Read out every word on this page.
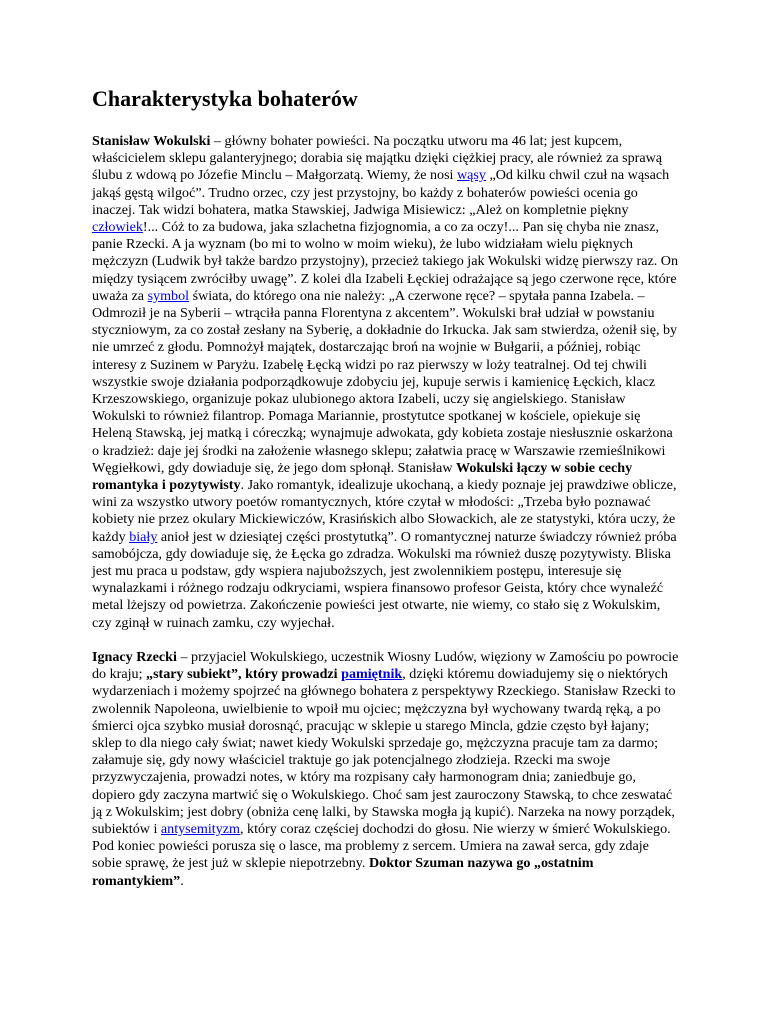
Charakterystyka bohaterów

Stanisław Wokulski – główny bohater powieści. Na początku utworu ma 46 lat; jest kupcem, właścicielem sklepu galanteryjnego; dorabia się majątku dzięki ciężkiej pracy, ale również za sprawą ślubu z wdową po Józefie Minclu – Małgorzatą. Wiemy, że nosi wąsy „Od kilku chwil czuł na wąsach jakąś gęstą wilgoć”. Trudno orzec, czy jest przystojny, bo każdy z bohaterów powieści ocenia go inaczej. Tak widzi bohatera, matka Stawskiej, Jadwiga Misiewicz: „Ależ on kompletnie piękny człowiek!... Cóż to za budowa, jaka szlachetna fizjognomia, a co za oczy!... Pan się chyba nie znasz, panie Rzecki. A ja wyznam (bo mi to wolno w moim wieku), że lubo widziałam wielu pięknych mężczyzn (Ludwik był także bardzo przystojny), przecież takiego jak Wokulski widzę pierwszy raz. On między tysiącem zwróciłby uwagę”. Z kolei dla Izabeli Łęckiej odrażające są jego czerwone ręce, które uważa za symbol świata, do którego ona nie należy: „A czerwone ręce? – spytała panna Izabela. – Odmroził je na Syberii – wtrąciła panna Florentyna z akcentem”. Wokulski brał udział w powstaniu styczniowym, za co został zesłany na Syberię, a dokładnie do Irkucka. Jak sam stwierdza, ożenił się, by nie umrzeć z głodu. Pomnożył majątek, dostarczając broń na wojnie w Bułgarii, a później, robiąc interesy z Suzinem w Paryżu. Izabelę Łęcką widzi po raz pierwszy w loży teatralnej. Od tej chwili wszystkie swoje działania podporządkowuje zdobyciu jej, kupuje serwis i kamienicę Łęckich, klacz Krzeszowskiego, organizuje pokaz ulubionego aktora Izabeli, uczy się angielskiego. Stanisław Wokulski to również filantrop. Pomaga Mariannie, prostytutce spotkanej w kościele, opiekuje się Heleną Stawską, jej matką i córeczką; wynajmuje adwokata, gdy kobieta zostaje niesłusznie oskarżona o kradzież: daje jej środki na założenie własnego sklepu; załatwia pracę w Warszawie rzemieślnikowi Węgiełkowi, gdy dowiaduje się, że jego dom spłonął. Stanisław Wokulski łączy w sobie cechy romantyka i pozytywisty. Jako romantyk, idealizuje ukochaną, a kiedy poznaje jej prawdziwe oblicze, wini za wszystko utwory poetów romantycznych, które czytał w młodości: „Trzeba było poznawać kobiety nie przez okulary Mickiewiczów, Krasińskich albo Słowackich, ale ze statystyki, która uczy, że każdy biały anioł jest w dziesiątej części prostytutką”. O romantycznej naturze świadczy również próba samobójcza, gdy dowiaduje się, że Łęcka go zdradza. Wokulski ma również duszę pozytywisty. Bliska jest mu praca u podstaw, gdy wspiera najuboższych, jest zwolennikiem postępu, interesuje się wynalazkami i różnego rodzaju odkryciami, wspiera finansowo profesor Geista, który chce wynaleźć metal lżejszy od powietrza. Zakończenie powieści jest otwarte, nie wiemy, co stało się z Wokulskim, czy zginął w ruinach zamku, czy wyjechał.

Ignacy Rzecki – przyjaciel Wokulskiego, uczestnik Wiosny Ludów, więziony w Zamościu po powrocie do kraju; „stary subiekt”, który prowadzi pamiętnik, dzięki któremu dowiadujemy się o niektórych wydarzeniach i możemy spojrzeć na głównego bohatera z perspektywy Rzeckiego. Stanisław Rzecki to zwolennik Napoleona, uwielbienie to wpoił mu ojciec; mężczyzna był wychowany twardą ręką, a po śmierci ojca szybko musiał dorosnąć, pracując w sklepie u starego Mincla, gdzie często był łajany; sklep to dla niego cały świat; nawet kiedy Wokulski sprzedaje go, mężczyzna pracuje tam za darmo; załamuje się, gdy nowy właściciel traktuje go jak potencjalnego złodzieja. Rzecki ma swoje przyzwyczajenia, prowadzi notes, w który ma rozpisany cały harmonogram dnia; zaniedbuje go, dopiero gdy zaczyna martwić się o Wokulskiego. Choć sam jest zauroczony Stawską, to chce zeswatać ją z Wokulskim; jest dobry (obniża cenę lalki, by Stawska mogła ją kupić). Narzeka na nowy porządek, subiektów i antysemityzm, który coraz częściej dochodzi do głosu. Nie wierzy w śmierć Wokulskiego. Pod koniec powieści porusza się o lasce, ma problemy z sercem. Umiera na zawał serca, gdy zdaje sobie sprawę, że jest już w sklepie niepotrzebny. Doktor Szuman nazywa go „ostatnim romantykiem”.
